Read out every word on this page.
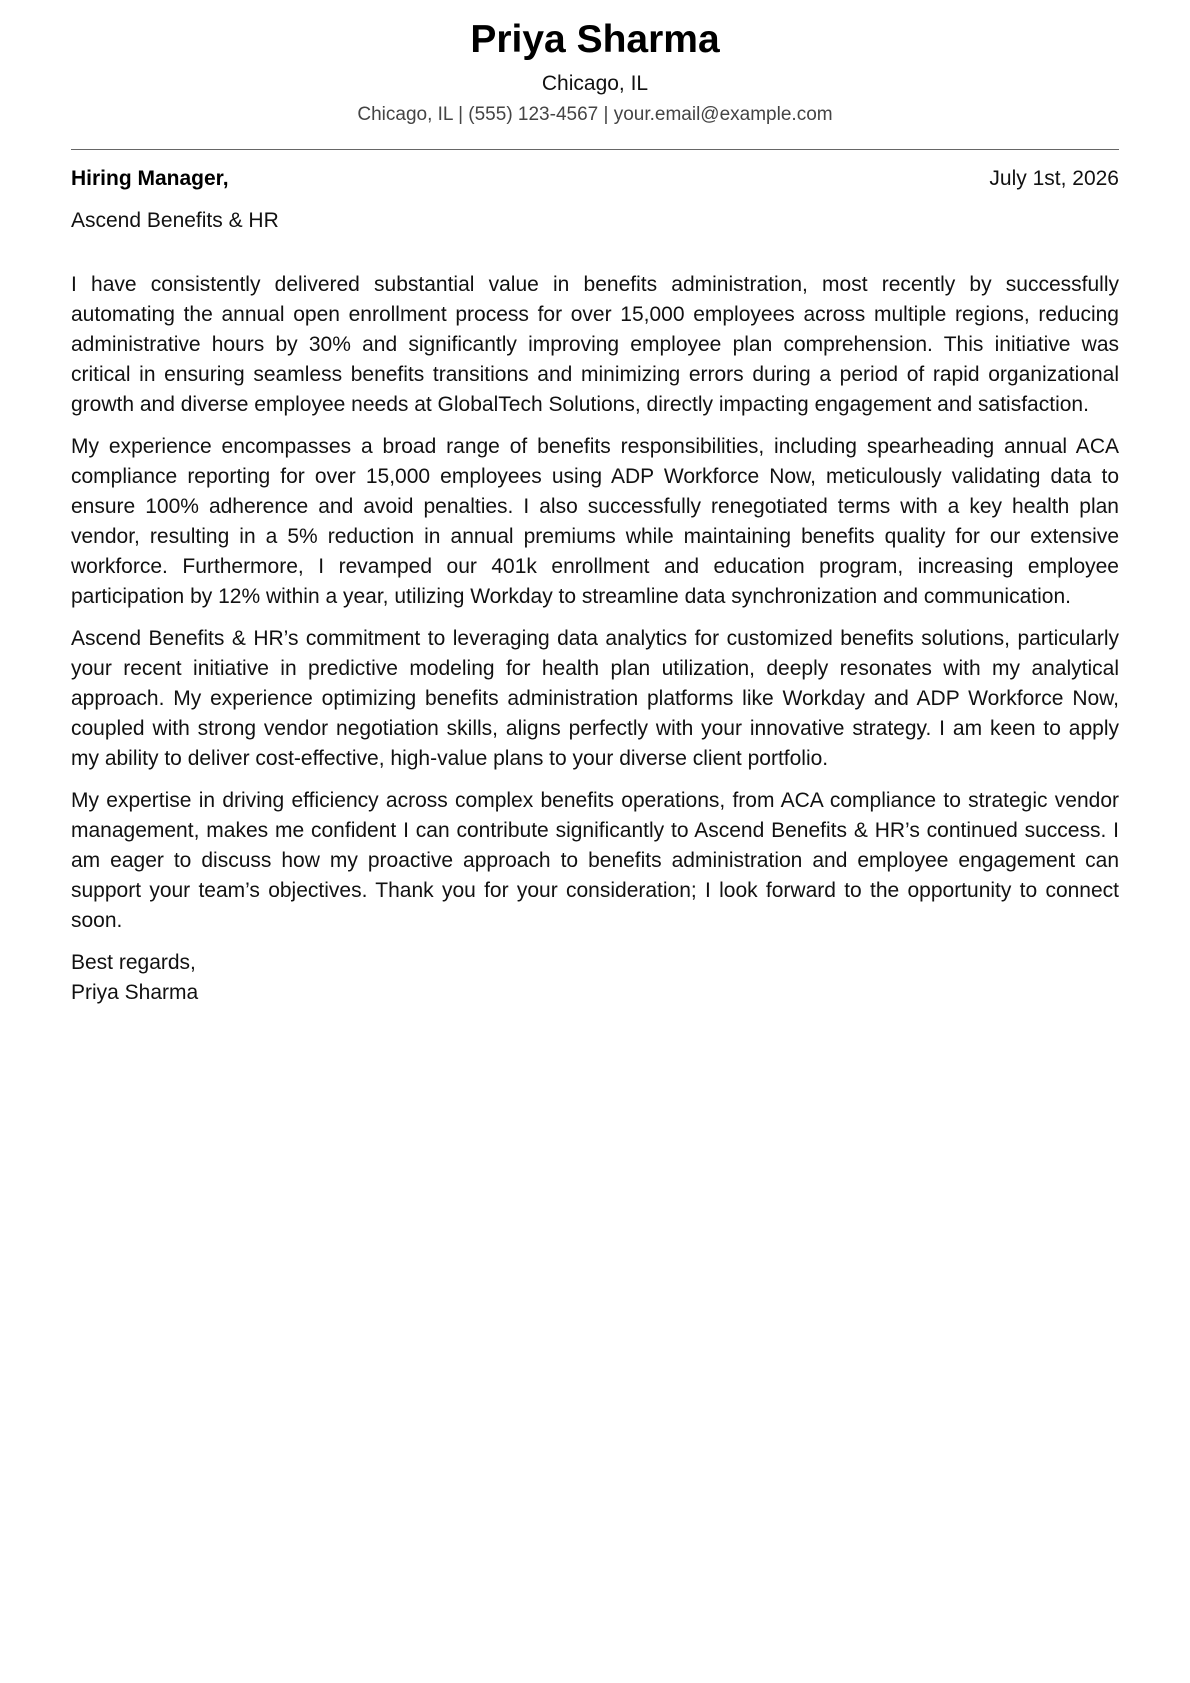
Priya Sharma
Chicago, IL
Chicago, IL | (555) 123-4567 | your.email@example.com
Hiring Manager,	July 1st, 2026
Ascend Benefits & HR

I have consistently delivered substantial value in benefits administration, most recently by successfully automating the annual open enrollment process for over 15,000 employees across multiple regions, reducing administrative hours by 30% and significantly improving employee plan comprehension. This initiative was critical in ensuring seamless benefits transitions and minimizing errors during a period of rapid organizational growth and diverse employee needs at GlobalTech Solutions, directly impacting engagement and satisfaction.

My experience encompasses a broad range of benefits responsibilities, including spearheading annual ACA compliance reporting for over 15,000 employees using ADP Workforce Now, meticulously validating data to ensure 100% adherence and avoid penalties. I also successfully renegotiated terms with a key health plan vendor, resulting in a 5% reduction in annual premiums while maintaining benefits quality for our extensive workforce. Furthermore, I revamped our 401k enrollment and education program, increasing employee participation by 12% within a year, utilizing Workday to streamline data synchronization and communication.

Ascend Benefits & HR’s commitment to leveraging data analytics for customized benefits solutions, particularly your recent initiative in predictive modeling for health plan utilization, deeply resonates with my analytical approach. My experience optimizing benefits administration platforms like Workday and ADP Workforce Now, coupled with strong vendor negotiation skills, aligns perfectly with your innovative strategy. I am keen to apply my ability to deliver cost-effective, high-value plans to your diverse client portfolio.

My expertise in driving efficiency across complex benefits operations, from ACA compliance to strategic vendor management, makes me confident I can contribute significantly to Ascend Benefits & HR’s continued success. I am eager to discuss how my proactive approach to benefits administration and employee engagement can support your team’s objectives. Thank you for your consideration; I look forward to the opportunity to connect soon.

Best regards,
Priya Sharma
